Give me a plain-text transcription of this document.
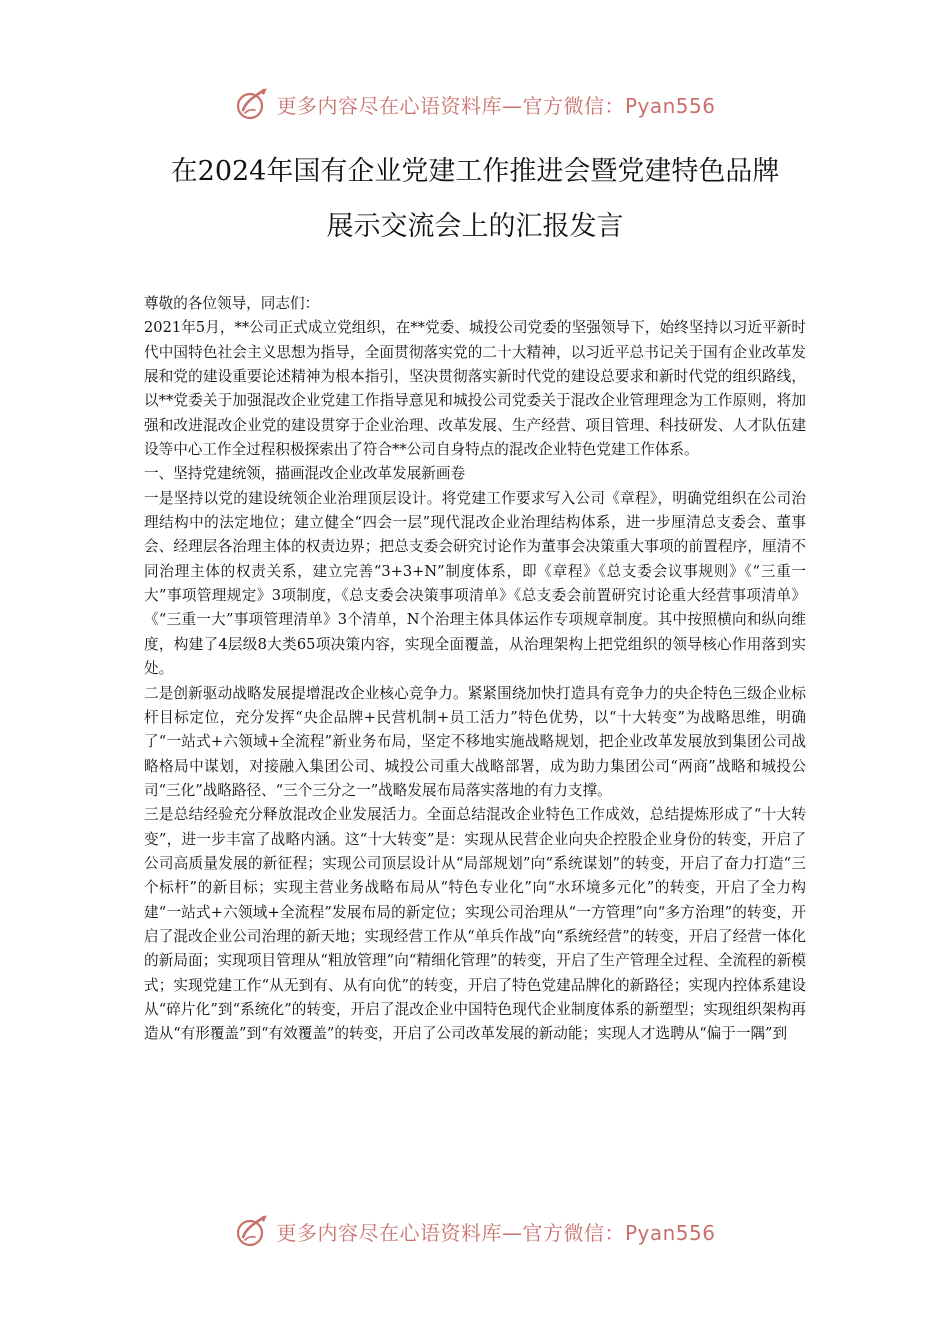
更多内容尽在心语资料库—官方微信：Pyan556
在2024年国有企业党建工作推进会暨党建特色品牌
展示交流会上的汇报发言

尊敬的各位领导，同志们：

2021年5月，**公司正式成立党组织，在**党委、城投公司党委的坚强领导下，始终坚持以习近平新时代中国特色社会主义思想为指导，全面贯彻落实党的二十大精神，以习近平总书记关于国有企业改革发展和党的建设重要论述精神为根本指引，坚决贯彻落实新时代党的建设总要求和新时代党的组织路线，以**党委关于加强混改企业党建工作指导意见和城投公司党委关于混改企业管理理念为工作原则，将加强和改进混改企业党的建设贯穿于企业治理、改革发展、生产经营、项目管理、科技研发、人才队伍建设等中心工作全过程积极探索出了符合**公司自身特点的混改企业特色党建工作体系。

一、坚持党建统领，描画混改企业改革发展新画卷

一是坚持以党的建设统领企业治理顶层设计。将党建工作要求写入公司《章程》，明确党组织在公司治理结构中的法定地位；建立健全“四会一层”现代混改企业治理结构体系，进一步厘清总支委会、董事会、经理层各治理主体的权责边界；把总支委会研究讨论作为董事会决策重大事项的前置程序，厘清不同治理主体的权责关系，建立完善“3+3+N”制度体系，即《章程》《总支委会议事规则》《“三重一大”事项管理规定》3项制度，《总支委会决策事项清单》《总支委会前置研究讨论重大经营事项清单》《“三重一大”事项管理清单》3个清单，N个治理主体具体运作专项规章制度。其中按照横向和纵向维度，构建了4层级8大类65项决策内容，实现全面覆盖，从治理架构上把党组织的领导核心作用落到实处。

二是创新驱动战略发展提增混改企业核心竞争力。紧紧围绕加快打造具有竞争力的央企特色三级企业标杆目标定位，充分发挥“央企品牌+民营机制+员工活力”特色优势，以“十大转变”为战略思维，明确了“一站式+六领域+全流程”新业务布局，坚定不移地实施战略规划，把企业改革发展放到集团公司战略格局中谋划，对接融入集团公司、城投公司重大战略部署，成为助力集团公司“两商”战略和城投公司“三化”战略路径、“三个三分之一”战略发展布局落实落地的有力支撑。

三是总结经验充分释放混改企业发展活力。全面总结混改企业特色工作成效，总结提炼形成了“十大转变”，进一步丰富了战略内涵。这“十大转变”是：实现从民营企业向央企控股企业身份的转变，开启了公司高质量发展的新征程；实现公司顶层设计从“局部规划”向“系统谋划”的转变，开启了奋力打造“三个标杆”的新目标；实现主营业务战略布局从“特色专业化”向“水环境多元化”的转变，开启了全力构建“一站式+六领域+全流程”发展布局的新定位；实现公司治理从“一方管理”向“多方治理”的转变，开启了混改企业公司治理的新天地；实现经营工作从“单兵作战”向“系统经营”的转变，开启了经营一体化的新局面；实现项目管理从“粗放管理”向“精细化管理”的转变，开启了生产管理全过程、全流程的新模式；实现党建工作“从无到有、从有向优”的转变，开启了特色党建品牌化的新路径；实现内控体系建设从“碎片化”到“系统化”的转变，开启了混改企业中国特色现代企业制度体系的新塑型；实现组织架构再造从“有形覆盖”到“有效覆盖”的转变，开启了公司改革发展的新动能；实现人才选聘从“偏于一隅”到

更多内容尽在心语资料库—官方微信：Pyan556
